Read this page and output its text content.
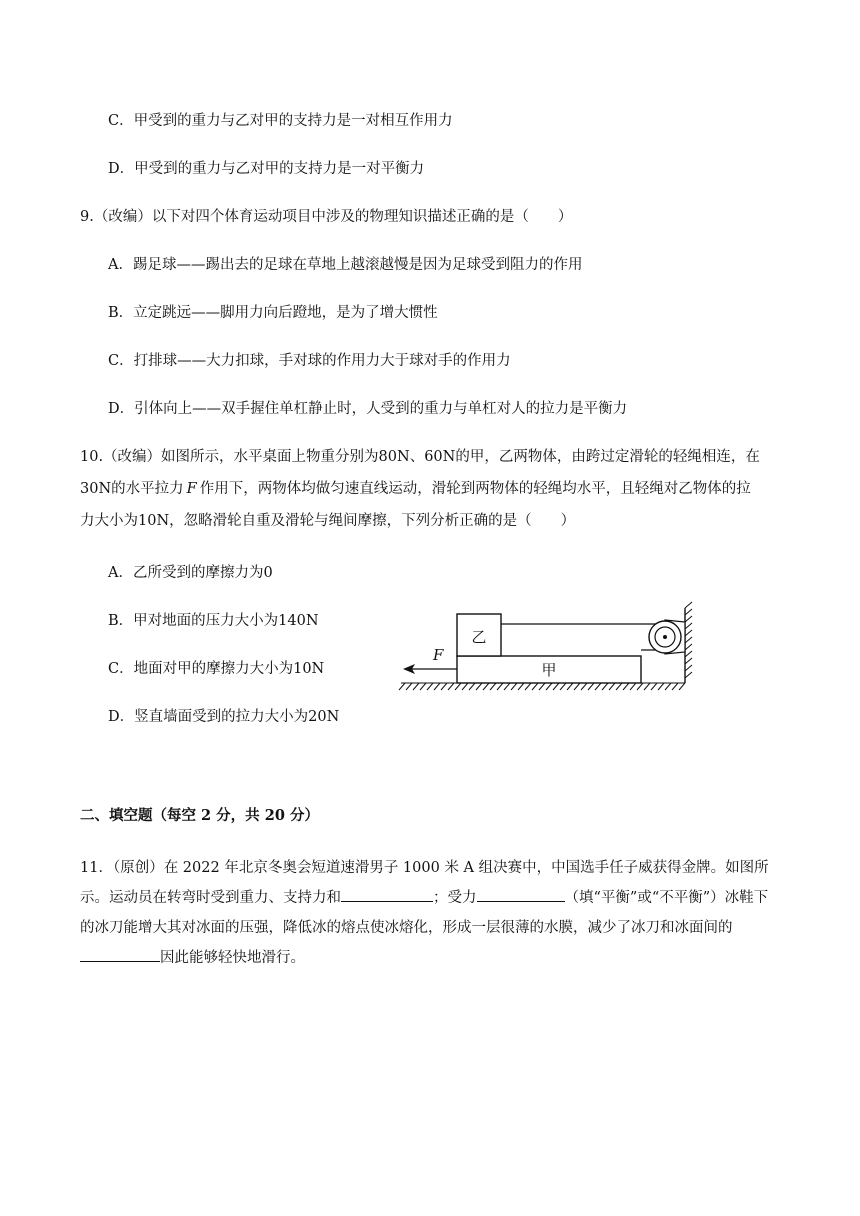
C．甲受到的重力与乙对甲的支持力是一对相互作用力
D．甲受到的重力与乙对甲的支持力是一对平衡力
9.（改编）以下对四个体育运动项目中涉及的物理知识描述正确的是（　　）
A．踢足球——踢出去的足球在草地上越滚越慢是因为足球受到阻力的作用
B．立定跳远——脚用力向后蹬地，是为了增大惯性
C．打排球——大力扣球，手对球的作用力大于球对手的作用力
D．引体向上——双手握住单杠静止时，人受到的重力与单杠对人的拉力是平衡力
10.（改编）如图所示，水平桌面上物重分别为80N、60N的甲，乙两物体，由跨过定滑轮的轻绳相连，在
30N的水平拉力 F 作用下，两物体均做匀速直线运动，滑轮到两物体的轻绳均水平，且轻绳对乙物体的拉
力大小为10N，忽略滑轮自重及滑轮与绳间摩擦，下列分析正确的是（　　）
A．乙所受到的摩擦力为0
B．甲对地面的压力大小为140N
C．地面对甲的摩擦力大小为10N
D．竖直墙面受到的拉力大小为20N
甲
乙
F
二、填空题（每空 2 分，共 20 分）
11．（原创）在 2022 年北京冬奥会短道速滑男子 1000 米 A 组决赛中，中国选手任子威获得金牌。如图所示。运动员在转弯时受到重力、支持力和	；受力	（填“平衡”或“不平衡”）冰鞋下的冰刀能增大其对冰面的压强，降低冰的熔点使冰熔化，形成一层很薄的水膜，减少了冰刀和冰面间的因此能够轻快地滑行。
